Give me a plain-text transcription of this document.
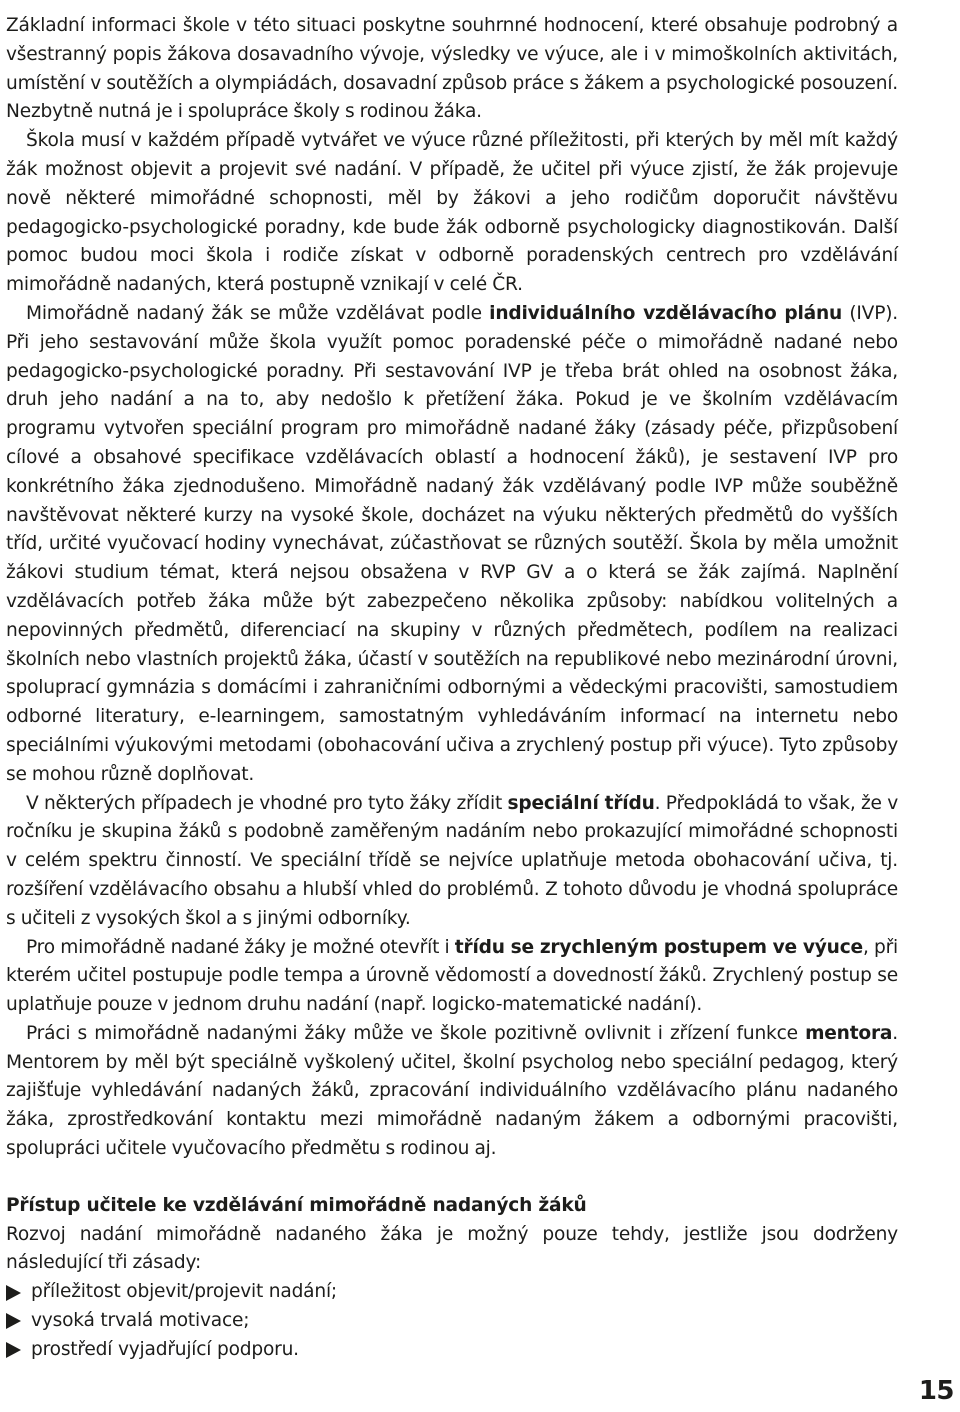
Základní informaci škole v této situaci poskytne souhrnné hodnocení, které obsahuje podrobný a všestranný popis žákova dosavadního vývoje, výsledky ve výuce, ale i v mimoškolních aktivitách, umístění v soutěžích a olympiádách, dosavadní způsob práce s žákem a psychologické posouzení. Nezbytně nutná je i spolupráce školy s rodinou žáka.

Škola musí v každém případě vytvářet ve výuce různé příležitosti, při kterých by měl mít každý žák možnost objevit a projevit své nadání. V případě, že učitel při výuce zjistí, že žák projevuje nově některé mimořádné schopnosti, měl by žákovi a jeho rodičům doporučit návštěvu pedagogicko-psychologické poradny, kde bude žák odborně psychologicky diagnostikován. Další pomoc budou moci škola i rodiče získat v odborně poradenských centrech pro vzdělávání mimořádně nadaných, která postupně vznikají v celé ČR.

Mimořádně nadaný žák se může vzdělávat podle individuálního vzdělávacího plánu (IVP). Při jeho sestavování může škola využít pomoc poradenské péče o mimořádně nadané nebo pedagogicko-psychologické poradny. Při sestavování IVP je třeba brát ohled na osobnost žáka, druh jeho nadání a na to, aby nedošlo k přetížení žáka. Pokud je ve školním vzdělávacím programu vytvořen speciální program pro mimořádně nadané žáky (zásady péče, přizpůsobení cílové a obsahové specifikace vzdělávacích oblastí a hodnocení žáků), je sestavení IVP pro konkrétního žáka zjednodušeno. Mimořádně nadaný žák vzdělávaný podle IVP může souběžně navštěvovat některé kurzy na vysoké škole, docházet na výuku některých předmětů do vyšších tříd, určité vyučovací hodiny vynechávat, zúčastňovat se různých soutěží. Škola by měla umožnit žákovi studium témat, která nejsou obsažena v RVP GV a o která se žák zajímá. Naplnění vzdělávacích potřeb žáka může být zabezpečeno několika způsoby: nabídkou volitelných a nepovinných předmětů, diferenciací na skupiny v různých předmětech, podílem na realizaci školních nebo vlastních projektů žáka, účastí v soutěžích na republikové nebo mezinárodní úrovni, spoluprací gymnázia s domácími i zahraničními odbornými a vědeckými pracovišti, samostudiem odborné literatury, e-learningem, samostatným vyhledáváním informací na internetu nebo speciálními výukovými metodami (obohacování učiva a zrychlený postup při výuce). Tyto způsoby se mohou různě doplňovat.

V některých případech je vhodné pro tyto žáky zřídit speciální třídu. Předpokládá to však, že v ročníku je skupina žáků s podobně zaměřeným nadáním nebo prokazující mimořádné schopnosti v celém spektru činností. Ve speciální třídě se nejvíce uplatňuje metoda obohacování učiva, tj. rozšíření vzdělávacího obsahu a hlubší vhled do problémů. Z tohoto důvodu je vhodná spolupráce s učiteli z vysokých škol a s jinými odborníky.

Pro mimořádně nadané žáky je možné otevřít i třídu se zrychleným postupem ve výuce, při kterém učitel postupuje podle tempa a úrovně vědomostí a dovedností žáků. Zrychlený postup se uplatňuje pouze v jednom druhu nadání (např. logicko-matematické nadání).

Práci s mimořádně nadanými žáky může ve škole pozitivně ovlivnit i zřízení funkce mentora. Mentorem by měl být speciálně vyškolený učitel, školní psycholog nebo speciální pedagog, který zajišťuje vyhledávání nadaných žáků, zpracování individuálního vzdělávacího plánu nadaného žáka, zprostředkování kontaktu mezi mimořádně nadaným žákem a odbornými pracovišti, spolupráci učitele vyučovacího předmětu s rodinou aj.

Přístup učitele ke vzdělávání mimořádně nadaných žáků

Rozvoj nadání mimořádně nadaného žáka je možný pouze tehdy, jestliže jsou dodrženy následující tři zásady:

příležitost objevit/projevit nadání;
vysoká trvalá motivace;
prostředí vyjadřující podporu.
15
